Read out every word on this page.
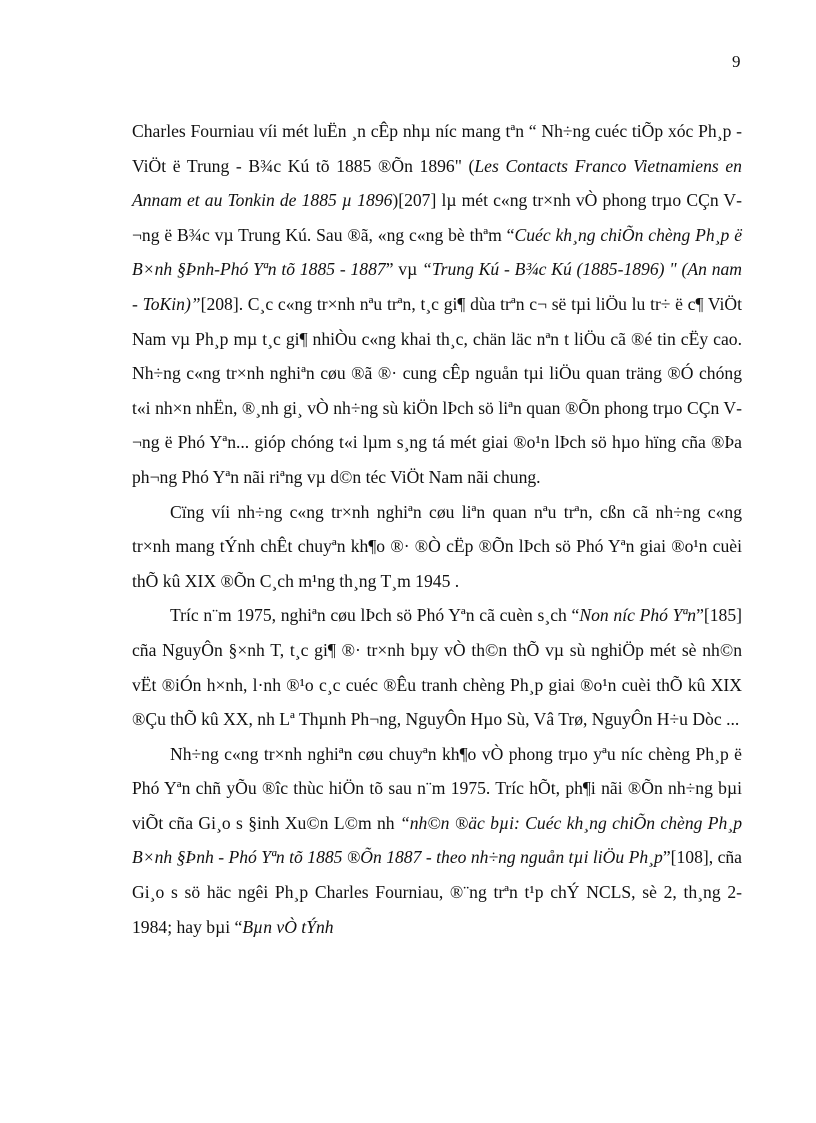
9

Charles Fourniau víi mét luËn ¸n cÊp nhµ níc mang tªn “ Nh÷ng cuéc tiÕp xóc Ph¸p - ViÖt ë Trung - B¾c Kú tõ 1885 ®Õn 1896" (Les Contacts Franco Vietnamiens en Annam et au Tonkin de 1885 µ 1896)[207] lµ mét c«ng tr×nh vÒ phong trµo CÇn V¬ng ë B¾c vµ Trung Kú. Sau ®ã, «ng c«ng bè thªm “Cuéc kh¸ng chiÕn chèng Ph¸p ë B×nh §Þnh-Phó Yªn tõ 1885 - 1887” vµ “Trung Kú - B¾c Kú (1885-1896) " (An nam - ToKin)”[208]. C¸c c«ng tr×nh nªu trªn, t¸c gi¶ dùa trªn c¬ së tµi liÖu lu tr÷ ë c¶ ViÖt Nam vµ Ph¸p mµ t¸c gi¶ nhiÒu c«ng khai th¸c, chän läc nªn t liÖu cã ®é tin cËy cao. Nh÷ng c«ng tr×nh nghiªn cøu ®ã ®· cung cÊp nguån tµi liÖu quan träng ®Ó chóng t«i nh×n nhËn, ®¸nh gi¸ vÒ nh÷ng sù kiÖn lÞch sö liªn quan ®Õn phong trµo CÇn V¬ng ë Phó Yªn... gióp chóng t«i lµm s¸ng tá mét giai ®o¹n lÞch sö hµo hïng cña ®Þa ph¬ng Phó Yªn nãi riªng vµ d©n téc ViÖt Nam nãi chung.

Cïng víi nh÷ng c«ng tr×nh nghiªn cøu liªn quan nªu trªn, cßn cã nh÷ng c«ng tr×nh mang tÝnh chÊt chuyªn kh¶o ®· ®Ò cËp ®Õn lÞch sö Phó Yªn giai ®o¹n cuèi thÕ kû XIX ®Õn C¸ch m¹ng th¸ng T¸m 1945 .

Tríc n¨m 1975, nghiªn cøu lÞch sö Phó Yªn cã cuèn s¸ch “Non níc Phó Yªn”[185] cña NguyÔn §×nh T, t¸c gi¶ ®· tr×nh bµy vÒ th©n thÕ vµ sù nghiÖp mét sè nh©n vËt ®iÓn h×nh, l·nh ®¹o c¸c cuéc ®Êu tranh chèng Ph¸p giai ®o¹n cuèi thÕ kû XIX ®Çu thÕ kû XX, nh Lª Thµnh Ph¬ng, NguyÔn Hµo Sù, Vâ Trø, NguyÔn H÷u Dòc ...

Nh÷ng c«ng tr×nh nghiªn cøu chuyªn kh¶o vÒ phong trµo yªu níc chèng Ph¸p ë Phó Yªn chñ yÕu ®îc thùc hiÖn tõ sau n¨m 1975. Tríc hÕt, ph¶i nãi ®Õn nh÷ng bµi viÕt cña Gi¸o s §inh Xu©n L©m nh “nh©n ®äc bµi: Cuéc kh¸ng chiÕn chèng Ph¸p B×nh §Þnh - Phó Yªn tõ 1885 ®Õn 1887 - theo nh÷ng nguån tµi liÖu Ph¸p”[108], cña Gi¸o s sö häc ngêi Ph¸p Charles Fourniau, ®¨ng trªn t¹p chÝ NCLS, sè 2, th¸ng 2-1984; hay bµi “Bµn vÒ tÝnh
